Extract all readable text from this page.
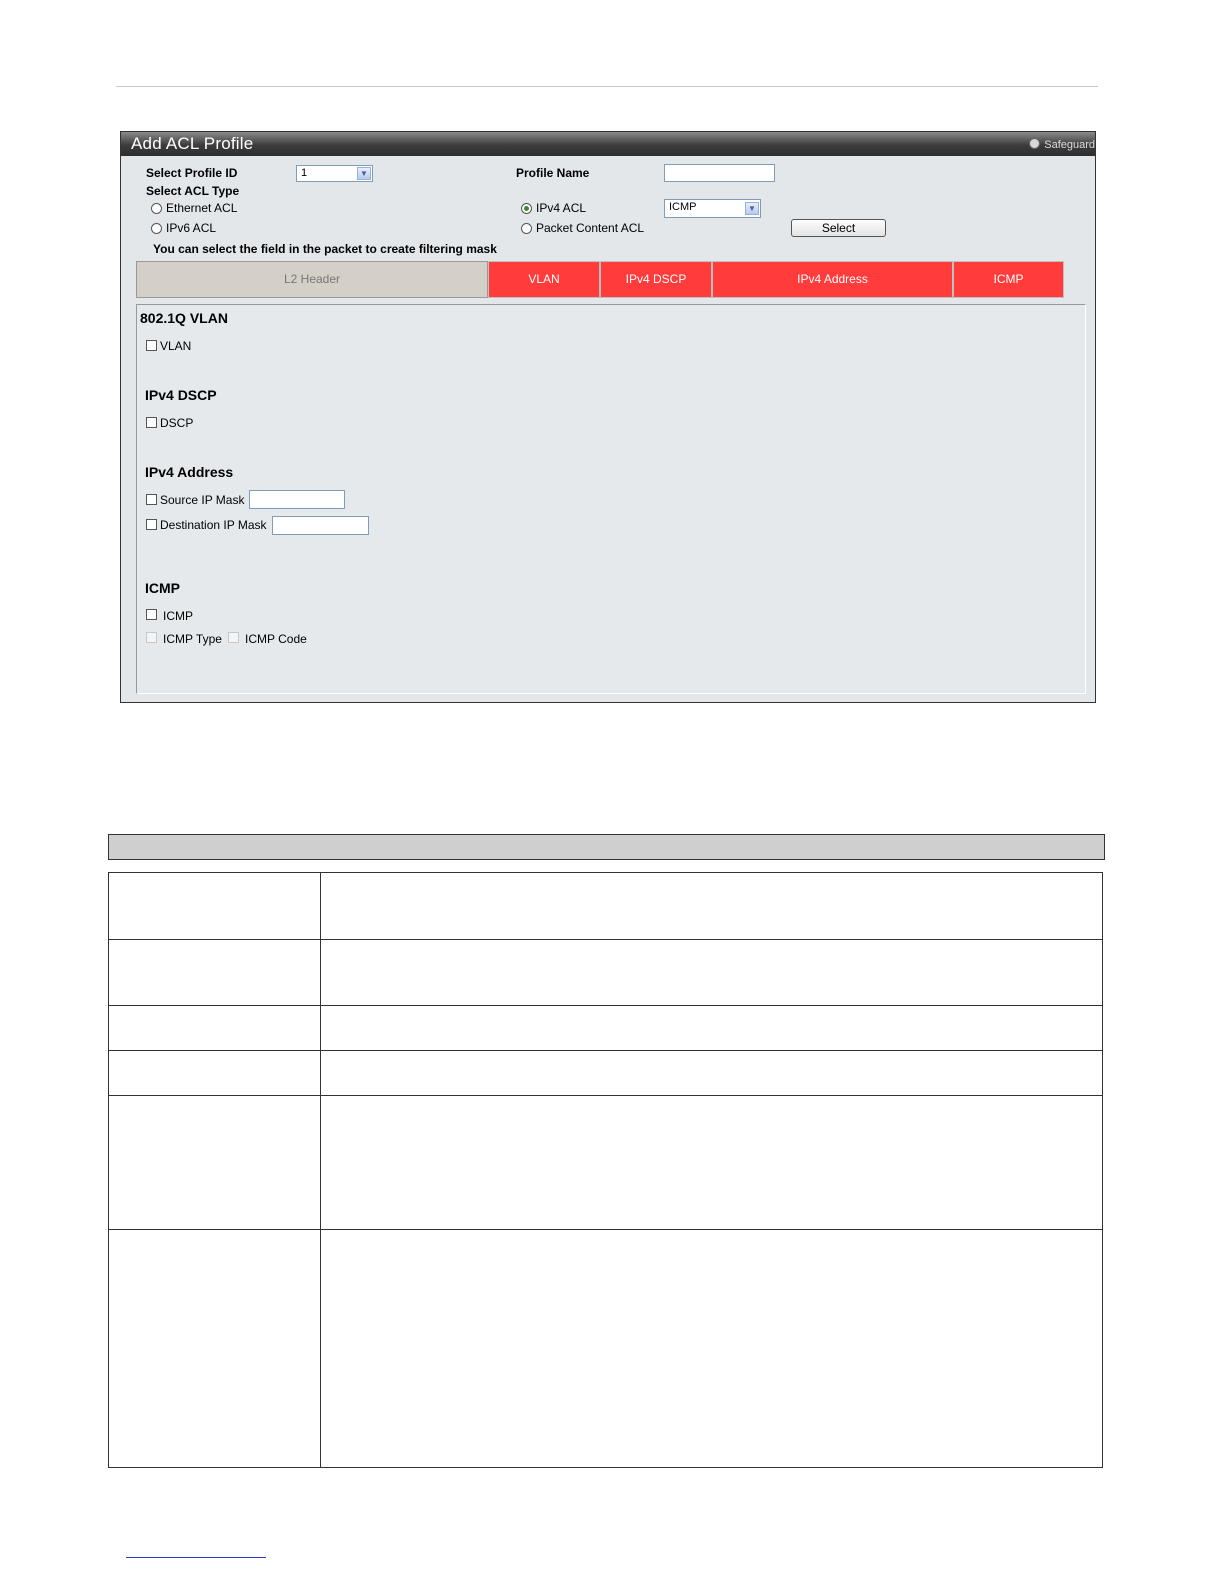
Add ACL Profile	Safeguard
Select Profile ID	1	▼	Profile Name
Select ACL Type
Ethernet ACL	IPv4 ACL	ICMP	▼
IPv6 ACL	Packet Content ACL	Select
You can select the field in the packet to create filtering mask
L2 Header	VLAN	IPv4 DSCP	IPv4 Address	ICMP
802.1Q VLAN
VLAN
IPv4 DSCP
DSCP
IPv4 Address
Source IP Mask
Destination IP Mask
ICMP
ICMP
ICMP Type ICMP Code
